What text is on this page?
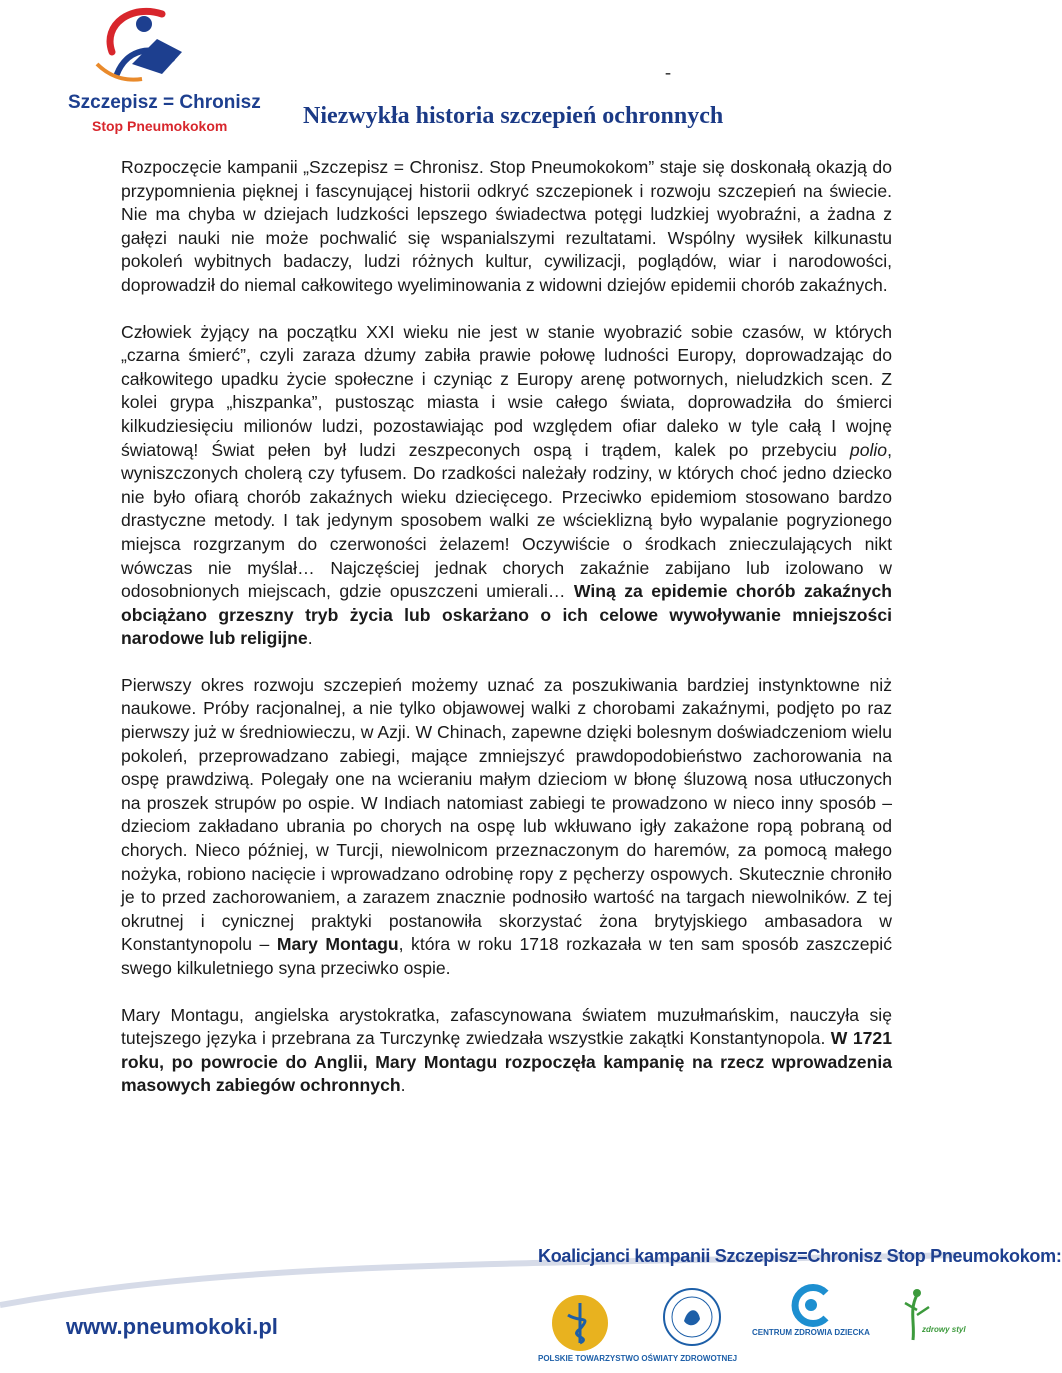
Szczepisz = Chronisz
Stop Pneumokokom
-
Niezwykła historia szczepień ochronnych

Rozpoczęcie kampanii „Szczepisz = Chronisz. Stop Pneumokokom” staje się doskonałą okazją do przypomnienia pięknej i fascynującej historii odkryć szczepionek i rozwoju szczepień na świecie. Nie ma chyba w dziejach ludzkości lepszego świadectwa potęgi ludzkiej wyobraźni, a żadna z gałęzi nauki nie może pochwalić się wspanialszymi rezultatami. Wspólny wysiłek kilkunastu pokoleń wybitnych badaczy, ludzi różnych kultur, cywilizacji, poglądów, wiar i narodowości, doprowadził do niemal całkowitego wyeliminowania z widowni dziejów epidemii chorób zakaźnych.

Człowiek żyjący na początku XXI wieku nie jest w stanie wyobrazić sobie czasów, w których „czarna śmierć”, czyli zaraza dżumy zabiła prawie połowę ludności Europy, doprowadzając do całkowitego upadku życie społeczne i czyniąc z Europy arenę potwornych, nieludzkich scen. Z kolei grypa „hiszpanka”, pustosząc miasta i wsie całego świata, doprowadziła do śmierci kilkudziesięciu milionów ludzi, pozostawiając pod względem ofiar daleko w tyle całą I wojnę światową! Świat pełen był ludzi zeszpeconych ospą i trądem, kalek po przebyciu polio, wyniszczonych cholerą czy tyfusem. Do rzadkości należały rodziny, w których choć jedno dziecko nie było ofiarą chorób zakaźnych wieku dziecięcego. Przeciwko epidemiom stosowano bardzo drastyczne metody. I tak jedynym sposobem walki ze wścieklizną było wypalanie pogryzionego miejsca rozgrzanym do czerwoności żelazem! Oczywiście o środkach znieczulających nikt wówczas nie myślał… Najczęściej jednak chorych zakaźnie zabijano lub izolowano w odosobnionych miejscach, gdzie opuszczeni umierali… Winą za epidemie chorób zakaźnych obciążano grzeszny tryb życia lub oskarżano o ich celowe wywoływanie mniejszości narodowe lub religijne.

Pierwszy okres rozwoju szczepień możemy uznać za poszukiwania bardziej instynktowne niż naukowe. Próby racjonalnej, a nie tylko objawowej walki z chorobami zakaźnymi, podjęto po raz pierwszy już w średniowieczu, w Azji. W Chinach, zapewne dzięki bolesnym doświadczeniom wielu pokoleń, przeprowadzano zabiegi, mające zmniejszyć prawdopodobieństwo zachorowania na ospę prawdziwą. Polegały one na wcieraniu małym dzieciom w błonę śluzową nosa utłuczonych na proszek strupów po ospie. W Indiach natomiast zabiegi te prowadzono w nieco inny sposób – dzieciom zakładano ubrania po chorych na ospę lub wkłuwano igły zakażone ropą pobraną od chorych. Nieco później, w Turcji, niewolnicom przeznaczonym do haremów, za pomocą małego nożyka, robiono nacięcie i wprowadzano odrobinę ropy z pęcherzy ospowych. Skutecznie chroniło je to przed zachorowaniem, a zarazem znacznie podnosiło wartość na targach niewolników. Z tej okrutnej i cynicznej praktyki postanowiła skorzystać żona brytyjskiego ambasadora w Konstantynopolu – Mary Montagu, która w roku 1718 rozkazała w ten sam sposób zaszczepić swego kilkuletniego syna przeciwko ospie.

Mary Montagu, angielska arystokratka, zafascynowana światem muzułmańskim, nauczyła się tutejszego języka i przebrana za Turczynkę zwiedzała wszystkie zakątki Konstantynopola. W 1721 roku, po powrocie do Anglii, Mary Montagu rozpoczęła kampanię na rzecz wprowadzenia masowych zabiegów ochronnych.

Koalicjanci kampanii Szczepisz=Chronisz Stop Pneumokokom:
www.pneumokoki.pl
POLSKIE TOWARZYSTWO OŚWIATY ZDROWOTNEJ
CENTRUM ZDROWIA DZIECKA	zdrowy styl
